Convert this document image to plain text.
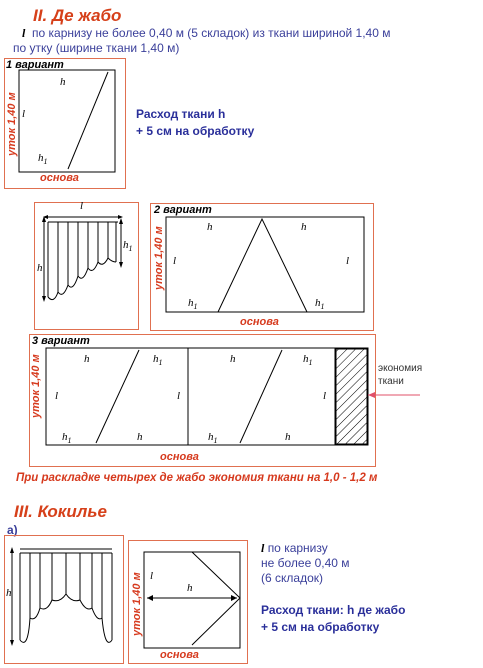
II. Де жабо
l по карнизу не более 0,40 м (5 складок) из ткани шириной 1,40 м
по утку (ширине ткани 1,40 м)
1 вариант
уток 1,40 м
основа
h
l
$h_1$
Расход ткани h
+ 5 см на обработку
l
h
$h_1$
2 вариант
уток 1,40 м
основа
h	h
l	l
$h_1$	$h_1$
3 вариант
уток 1,40 м
основа
h	$h_1$	h	$h_1$
l	l	l
$h_1$	h	$h_1$	h
экономия
ткани
При раскладке четырех де жабо экономия ткани на 1,0 - 1,2 м
III. Кокилье
а)
h	уток 1,40 м
основа
l
h
l по карнизу
не более 0,40 м
(6 складок)
Расход ткани: h де жабо
+ 5 см на обработку
